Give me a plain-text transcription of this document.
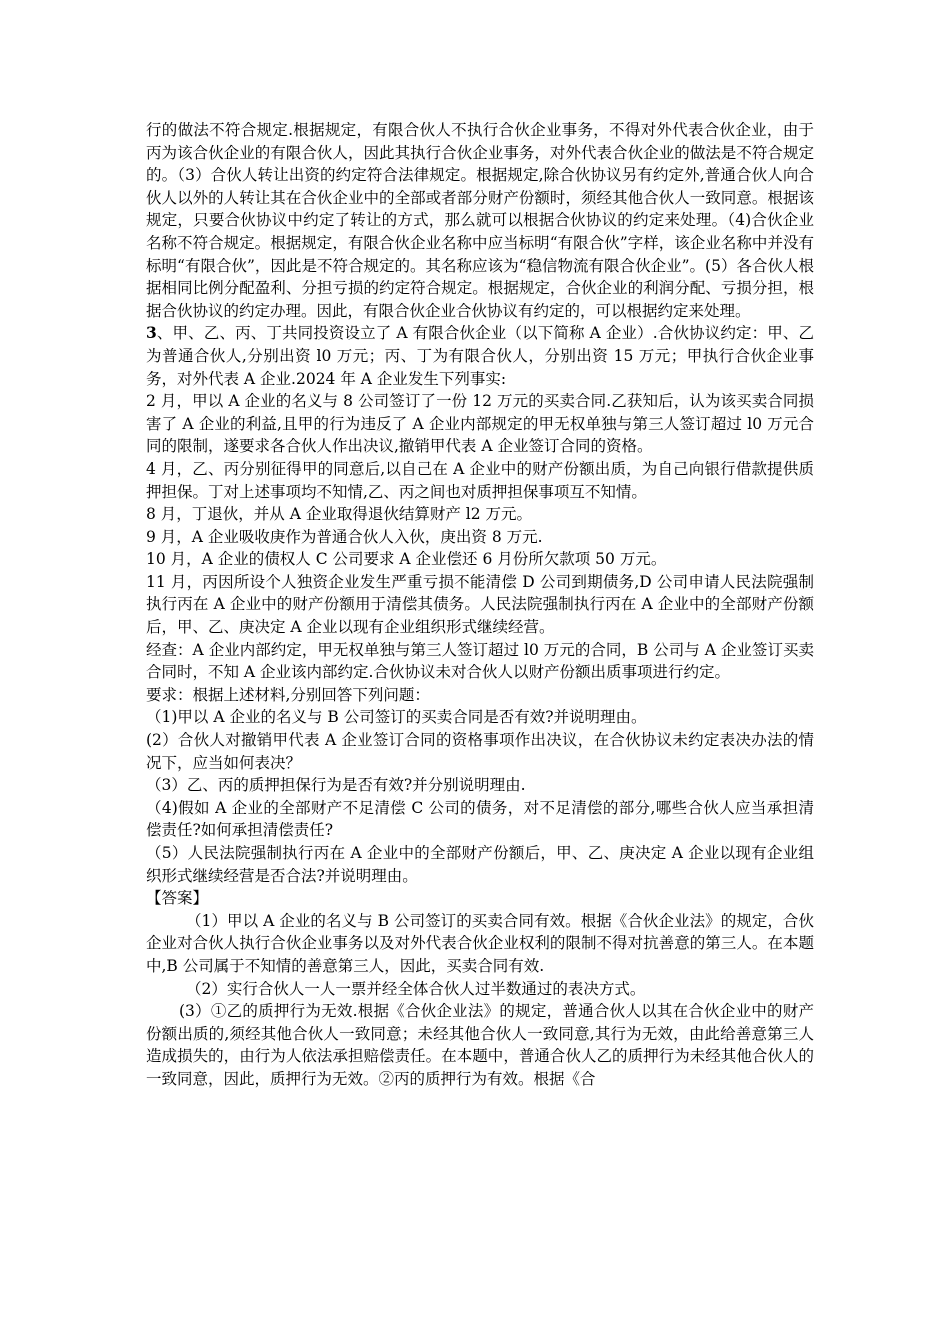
行的做法不符合规定.根据规定，有限合伙人不执行合伙企业事务，不得对外代表合伙企业，由于丙为该合伙企业的有限合伙人，因此其执行合伙企业事务，对外代表合伙企业的做法是不符合规定的。（3）合伙人转让出资的约定符合法律规定。根据规定,除合伙协议另有约定外,普通合伙人向合伙人以外的人转让其在合伙企业中的全部或者部分财产份额时，须经其他合伙人一致同意。根据该规定，只要合伙协议中约定了转让的方式，那么就可以根据合伙协议的约定来处理。（4)合伙企业名称不符合规定。根据规定，有限合伙企业名称中应当标明“有限合伙”字样，该企业名称中并没有标明“有限合伙”，因此是不符合规定的。其名称应该为“稳信物流有限合伙企业”。(5）各合伙人根据相同比例分配盈利、分担亏损的约定符合规定。根据规定，合伙企业的利润分配、亏损分担，根据合伙协议的约定办理。因此，有限合伙企业合伙协议有约定的，可以根据约定来处理。

3、甲、乙、丙、丁共同投资设立了 A 有限合伙企业（以下简称 A 企业）.合伙协议约定：甲、乙为普通合伙人,分别出资 l0 万元；丙、丁为有限合伙人，分别出资 15 万元；甲执行合伙企业事务，对外代表 A 企业.2024 年 A 企业发生下列事实:

2 月，甲以 A 企业的名义与 8 公司签订了一份 12 万元的买卖合同.乙获知后，认为该买卖合同损害了 A 企业的利益,且甲的行为违反了 A 企业内部规定的甲无权单独与第三人签订超过 l0 万元合同的限制，遂要求各合伙人作出决议,撤销甲代表 A 企业签订合同的资格。

4 月，乙、丙分别征得甲的同意后,以自己在 A 企业中的财产份额出质，为自己向银行借款提供质押担保。丁对上述事项均不知情,乙、丙之间也对质押担保事项互不知情。

8 月，丁退伙，并从 A 企业取得退伙结算财产 l2 万元。

9 月，A 企业吸收庚作为普通合伙人入伙，庚出资 8 万元.

10 月，A 企业的债权人 C 公司要求 A 企业偿还 6 月份所欠款项 50 万元。

11 月，丙因所设个人独资企业发生严重亏损不能清偿 D 公司到期债务,D 公司申请人民法院强制执行丙在 A 企业中的财产份额用于清偿其债务。人民法院强制执行丙在 A 企业中的全部财产份额后，甲、乙、庚决定 A 企业以现有企业组织形式继续经营。

经查：A 企业内部约定，甲无权单独与第三人签订超过 l0 万元的合同，B 公司与 A 企业签订买卖合同时，不知 A 企业该内部约定.合伙协议未对合伙人以财产份额出质事项进行约定。

要求：根据上述材料,分别回答下列问题：

（1)甲以 A 企业的名义与 B 公司签订的买卖合同是否有效?并说明理由。

(2）合伙人对撤销甲代表 A 企业签订合同的资格事项作出决议，在合伙协议未约定表决办法的情况下，应当如何表决？

（3）乙、丙的质押担保行为是否有效?并分别说明理由.

（4)假如 A 企业的全部财产不足清偿 C 公司的债务，对不足清偿的部分,哪些合伙人应当承担清偿责任?如何承担清偿责任?

（5）人民法院强制执行丙在 A 企业中的全部财产份额后，甲、乙、庚决定 A 企业以现有企业组织形式继续经营是否合法?并说明理由。

【答案】

（1）甲以 A 企业的名义与 B 公司签订的买卖合同有效。根据《合伙企业法》的规定，合伙企业对合伙人执行合伙企业事务以及对外代表合伙企业权利的限制不得对抗善意的第三人。在本题中,B 公司属于不知情的善意第三人，因此，买卖合同有效.

（2）实行合伙人一人一票并经全体合伙人过半数通过的表决方式。

(3）①乙的质押行为无效.根据《合伙企业法》的规定，普通合伙人以其在合伙企业中的财产份额出质的,须经其他合伙人一致同意；未经其他合伙人一致同意,其行为无效，由此给善意第三人造成损失的，由行为人依法承担赔偿责任。在本题中，普通合伙人乙的质押行为未经其他合伙人的一致同意，因此，质押行为无效。②丙的质押行为有效。根据《合
